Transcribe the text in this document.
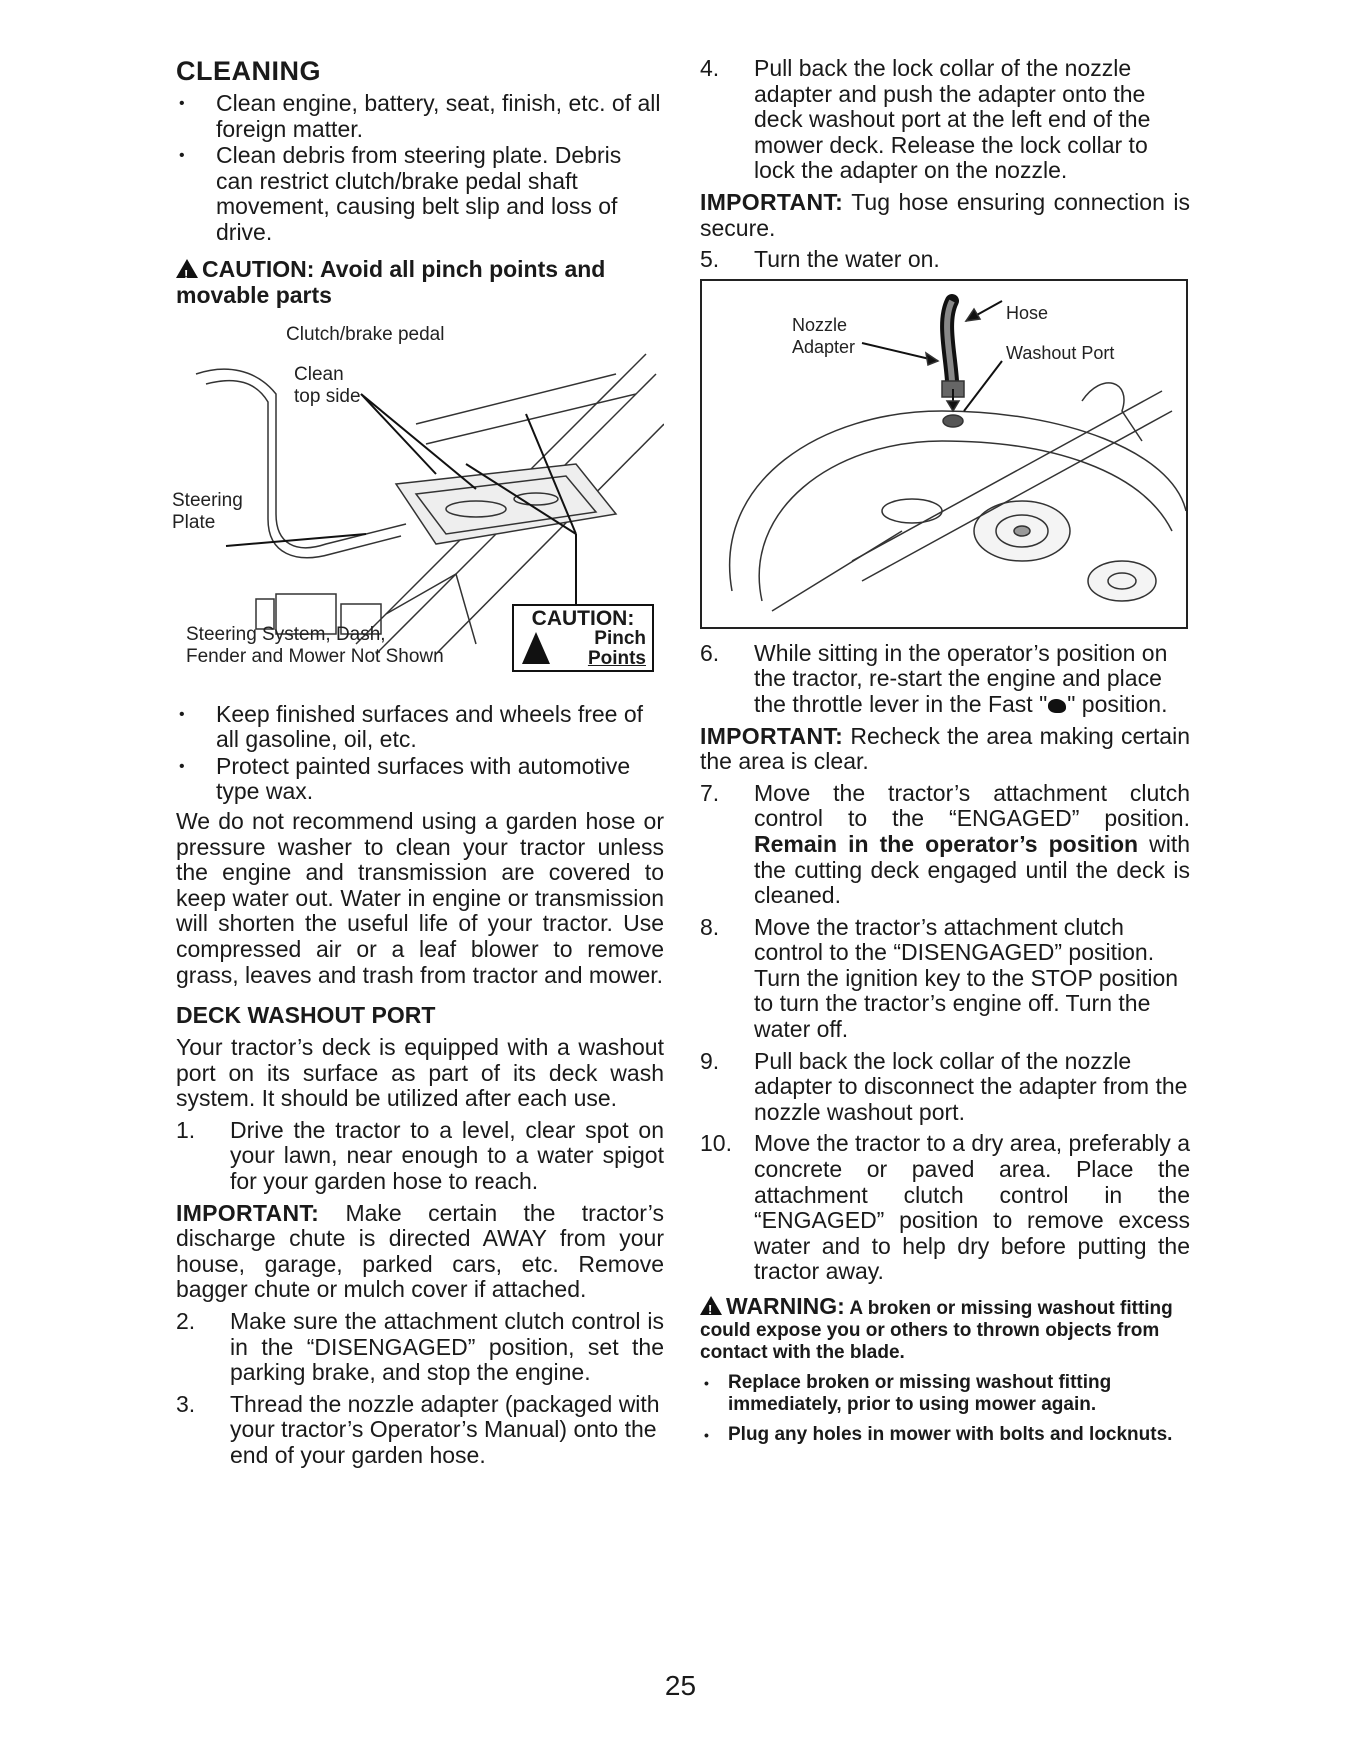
CLEANING
• Clean engine, battery, seat, finish, etc. of all foreign matter.
• Clean debris from steering plate. Debris can restrict clutch/brake pedal shaft movement, causing belt slip and loss of drive.
! CAUTION: Avoid all pinch points and movable parts
Clutch/brake pedal
Clean
top side
Steering
Plate
Steering System, Dash,
Fender and Mower Not Shown
CAUTION:
Pinch
Points
• Keep finished surfaces and wheels free of all gasoline, oil, etc.
• Protect painted surfaces with automotive type wax.

We do not recommend using a garden hose or pressure washer to clean your tractor unless the engine and transmission are covered to keep water out. Water in engine or transmission will shorten the useful life of your tractor. Use compressed air or a leaf blower to remove grass, leaves and trash from tractor and mower.

DECK WASHOUT PORT

Your tractor’s deck is equipped with a washout port on its surface as part of its deck wash system. It should be utilized after each use.

1. Drive the tractor to a level, clear spot on your lawn, near enough to a water spigot for your garden hose to reach.

IMPORTANT: Make certain the tractor’s discharge chute is directed AWAY from your house, garage, parked cars, etc. Remove bagger chute or mulch cover if attached.

2. Make sure the attachment clutch control is in the “DISENGAGED” position, set the parking brake, and stop the engine.
3. Thread the nozzle adapter (packaged with your tractor’s Operator’s Manual) onto the end of your garden hose.
4. Pull back the lock collar of the nozzle adapter and push the adapter onto the deck washout port at the left end of the mower deck. Release the lock collar to lock the adapter on the nozzle.

IMPORTANT: Tug hose ensuring connection is secure.

5. Turn the water on.
Nozzle
Adapter
Hose
Washout Port
6. While sitting in the operator’s position on the tractor, re-start the engine and place the throttle lever in the Fast " " position.

IMPORTANT: Recheck the area making certain the area is clear.

7. Move the tractor’s attachment clutch control to the “ENGAGED” position. Remain in the operator’s position with the cutting deck engaged until the deck is cleaned.
8. Move the tractor’s attachment clutch control to the “DISENGAGED” position. Turn the ignition key to the STOP position to turn the tractor’s engine off. Turn the water off.
9. Pull back the lock collar of the nozzle adapter to disconnect the adapter from the nozzle washout port.
10. Move the tractor to a dry area, preferably a concrete or paved area. Place the attachment clutch control in the “ENGAGED” position to remove excess water and to help dry before putting the tractor away.
! WARNING: A broken or missing washout fitting could expose you or others to thrown objects from contact with the blade.
• Replace broken or missing washout fitting immediately, prior to using mower again.
• Plug any holes in mower with bolts and locknuts.
25
